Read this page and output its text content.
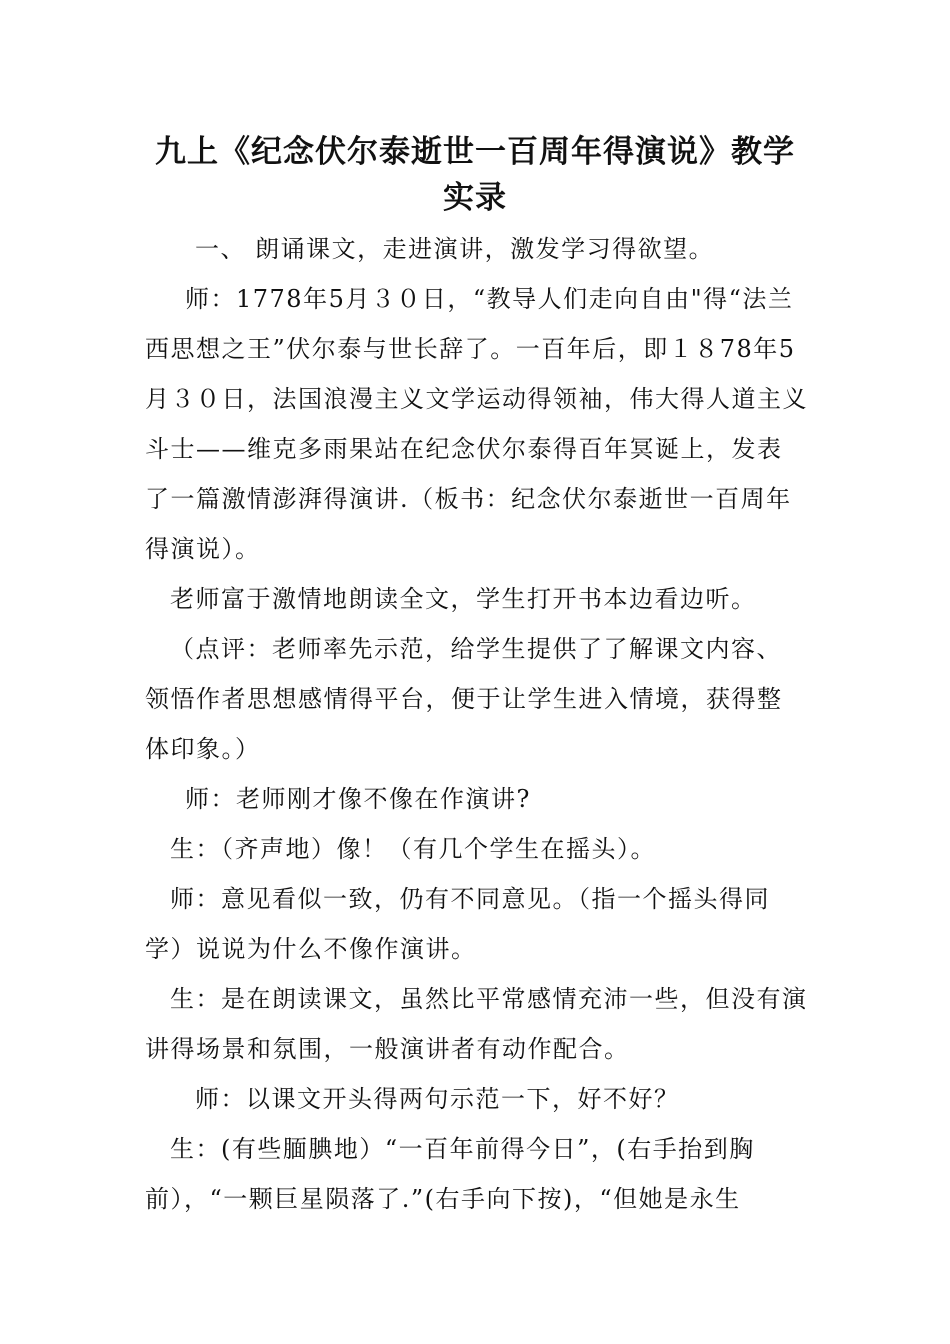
九上《纪念伏尔泰逝世一百周年得演说》教学
实录
一、 朗诵课文，走进演讲，激发学习得欲望。
师：1778年5月３０日，“教导人们走向自由"得“法兰
西思想之王”伏尔泰与世长辞了。一百年后，即１８78年5
月３０日，法国浪漫主义文学运动得领袖，伟大得人道主义
斗士——维克多雨果站在纪念伏尔泰得百年冥诞上，发表
了一篇激情澎湃得演讲.（板书：纪念伏尔泰逝世一百周年
得演说）。
老师富于激情地朗读全文，学生打开书本边看边听。
（点评：老师率先示范，给学生提供了了解课文内容、
领悟作者思想感情得平台，便于让学生进入情境，获得整
体印象。）
师：老师刚才像不像在作演讲?
生：（齐声地）像！（有几个学生在摇头）。
师：意见看似一致，仍有不同意见。（指一个摇头得同
学）说说为什么不像作演讲。
生：是在朗读课文，虽然比平常感情充沛一些，但没有演
讲得场景和氛围，一般演讲者有动作配合。
师：以课文开头得两句示范一下，好不好？
生：(有些腼腆地）“一百年前得今日”，(右手抬到胸
前），“一颗巨星陨落了.”(右手向下按)，“但她是永生
